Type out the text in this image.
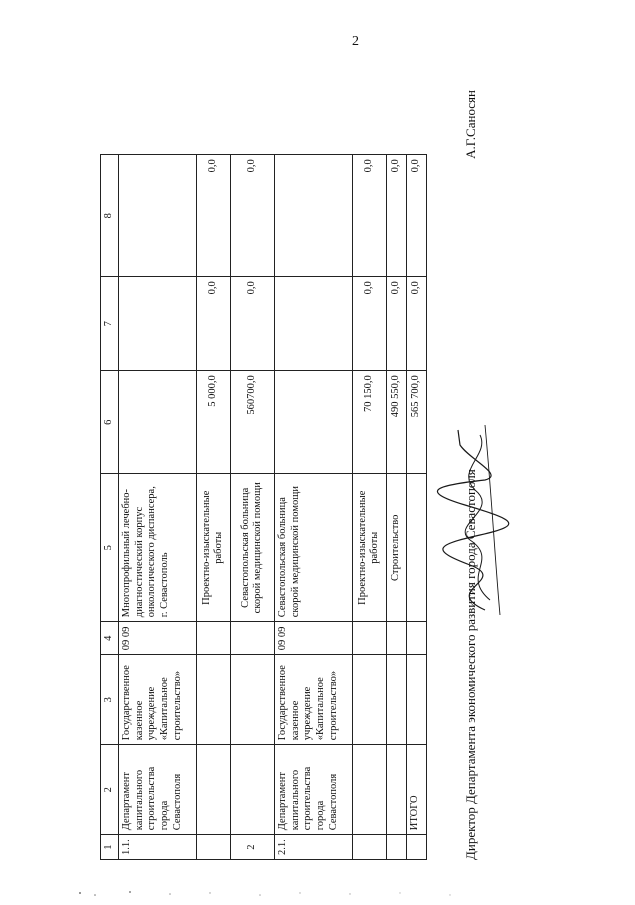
2
1	2	3	4	5	6	7	8
1.1.	Департамент капитального строительства города Севастополя	Государственное казенное учреждение «Капитальное строительство»	09 09	Многопрофильный лечебно-диагностический корпус онкологического диспансера, г. Севастополь			
				Проектно-изыскательные работы	5 000,0	0,0	0,0
2				Севастопольская больница скорой медицинской помощи	560700,0	0,0	0,0
2.1.	Департамент капитального строительства города Севастополя	Государственное казенное учреждение «Капитальное строительство»	09 09	Севастопольская больница скорой медицинской помощи			
				Проектно-изыскательные работы	70 150,0	0,0	0,0
				Строительство	490 550,0	0,0	0,0
	ИТОГО				565 700,0	0,0	0,0
Директор Департамента экономического развития города Севастополя
А.Г.Саносян
